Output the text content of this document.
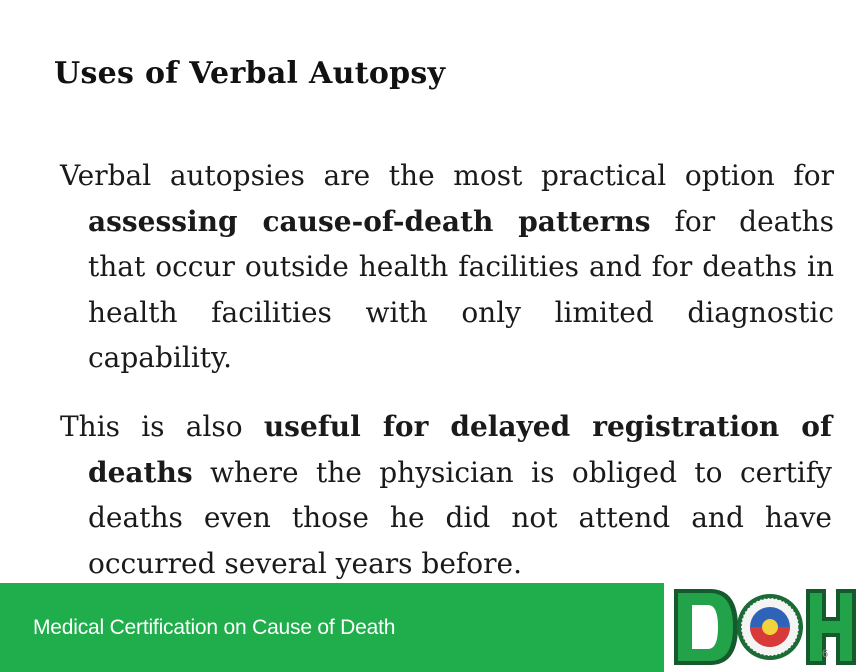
Uses of Verbal Autopsy

Verbal autopsies are the most practical option for assessing cause-of-death patterns for deaths that occur outside health facilities and for deaths in health facilities with only limited diagnostic capability.

This is also useful for delayed registration of deaths where the physician is obliged to certify deaths even those he did not attend and have occurred several years before.

Medical Certification on Cause of Death
6
